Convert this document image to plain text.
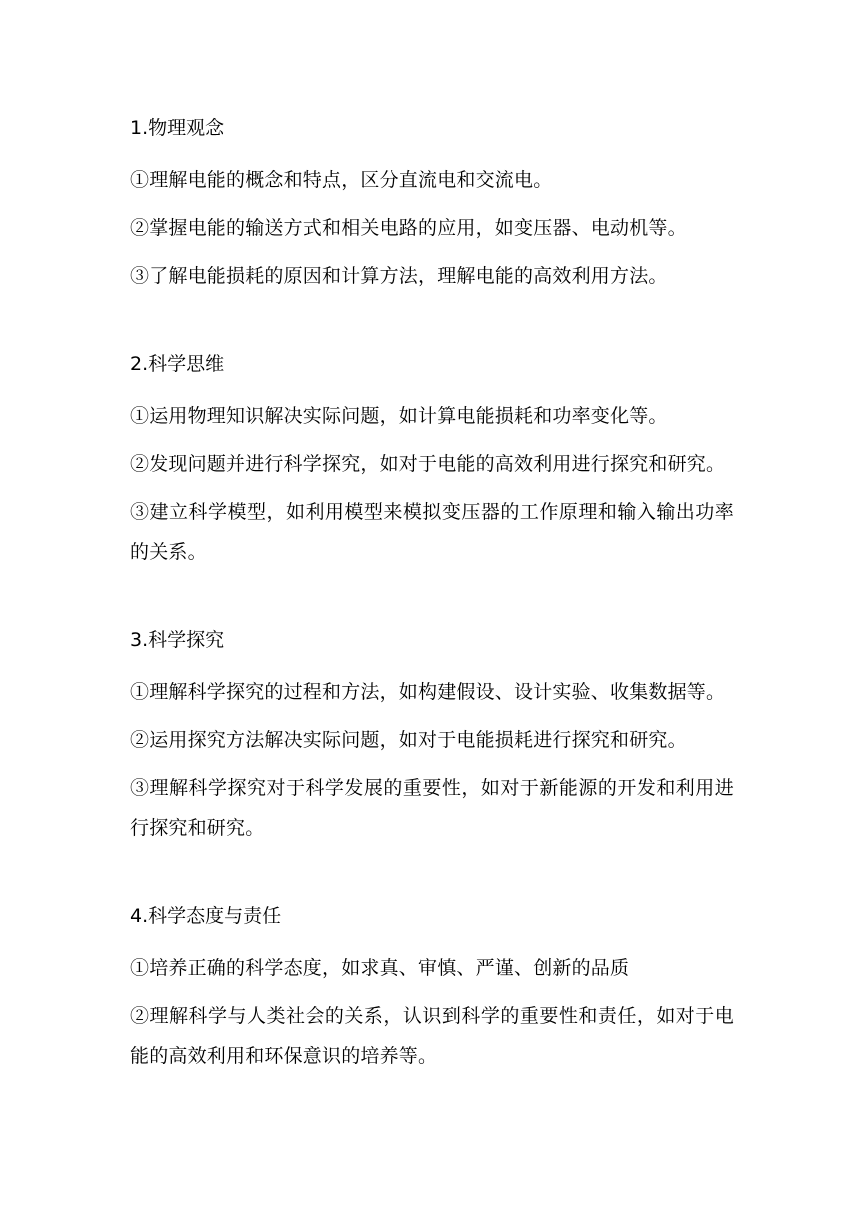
1.物理观念
①理解电能的概念和特点，区分直流电和交流电。
②掌握电能的输送方式和相关电路的应用，如变压器、电动机等。
③了解电能损耗的原因和计算方法，理解电能的高效利用方法。
2.科学思维
①运用物理知识解决实际问题，如计算电能损耗和功率变化等。
②发现问题并进行科学探究，如对于电能的高效利用进行探究和研究。
③建立科学模型，如利用模型来模拟变压器的工作原理和输入输出功率的关系。
3.科学探究
①理解科学探究的过程和方法，如构建假设、设计实验、收集数据等。
②运用探究方法解决实际问题，如对于电能损耗进行探究和研究。
③理解科学探究对于科学发展的重要性，如对于新能源的开发和利用进行探究和研究。
4.科学态度与责任
①培养正确的科学态度，如求真、审慎、严谨、创新的品质
②理解科学与人类社会的关系，认识到科学的重要性和责任，如对于电能的高效利用和环保意识的培养等。
